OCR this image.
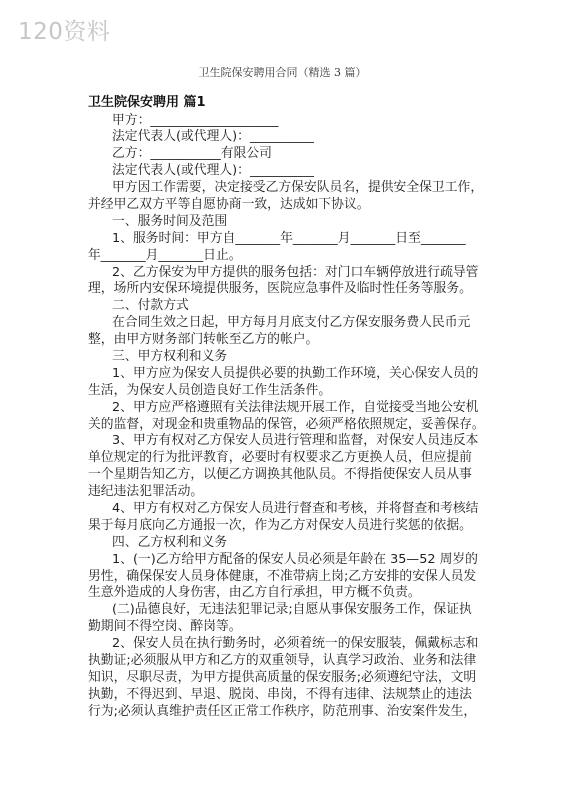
120资料
卫生院保安聘用合同（精选 3 篇）
卫生院保安聘用 篇1
甲方：____________________
法定代表人(或代理人)：__________
乙方：___________有限公司
法定代表人(或代理人)：__________
甲方因工作需要，决定接受乙方保安队员名，提供安全保卫工作，
并经甲乙双方平等自愿协商一致，达成如下协议。
一、服务时间及范围
1、服务时间：甲方自_______年_______月_______日至_______
年_______月_______日止。
2、乙方保安为甲方提供的服务包括：对门口车辆停放进行疏导管
理，场所内安保环境提供服务，医院应急事件及临时性任务等服务。
二、付款方式
在合同生效之日起，甲方每月月底支付乙方保安服务费人民币元
整，由甲方财务部门转帐至乙方的帐户。
三、甲方权利和义务
1、甲方应为保安人员提供必要的执勤工作环境，关心保安人员的
生活，为保安人员创造良好工作生活条件。
2、甲方应严格遵照有关法律法规开展工作，自觉接受当地公安机
关的监督，对现金和贵重物品的保管，必须严格依照规定，妥善保存。
3、甲方有权对乙方保安人员进行管理和监督，对保安人员违反本
单位规定的行为批评教育，必要时有权要求乙方更换人员，但应提前
一个星期告知乙方，以便乙方调换其他队员。不得指使保安人员从事
违纪违法犯罪活动。
4、甲方有权对乙方保安人员进行督查和考核，并将督查和考核结
果于每月底向乙方通报一次，作为乙方对保安人员进行奖惩的依据。
四、乙方权利和义务
1、(一)乙方给甲方配备的保安人员必须是年龄在 35—52 周岁的
男性，确保保安人员身体健康，不准带病上岗;乙方安排的安保人员发
生意外造成的人身伤害，由乙方自行承担，甲方概不负责。
(二)品德良好，无违法犯罪记录;自愿从事保安服务工作，保证执
勤期间不得空岗、醉岗等。
2、保安人员在执行勤务时，必须着统一的保安服装，佩戴标志和
执勤证;必须服从甲方和乙方的双重领导，认真学习政治、业务和法律
知识，尽职尽责，为甲方提供高质量的保安服务;必须遵纪守法，文明
执勤，不得迟到、早退、脱岗、串岗，不得有违律、法规禁止的违法
行为;必须认真维护责任区正常工作秩序，防范刑事、治安案件发生，
